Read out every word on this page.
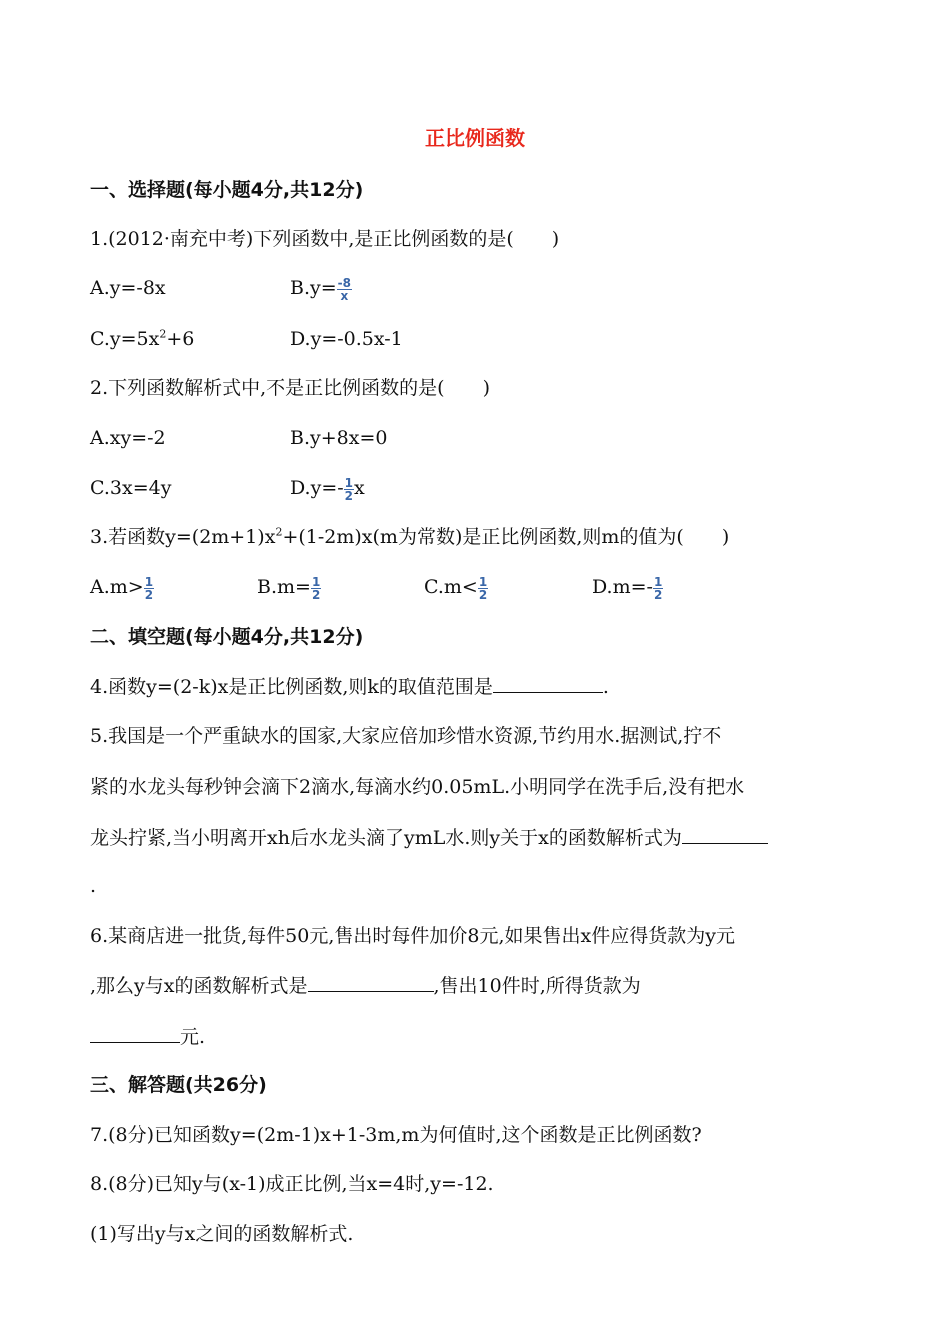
正比例函数
一、选择题(每小题4分,共12分)
1.(2012·南充中考)下列函数中,是正比例函数的是(　　)
A.y=-8x	$B.y= \frac{-8}{x}$
$C.y=5x^2+6$	D.y=-0.5x-1
2.下列函数解析式中,不是正比例函数的是(　　)
A.xy=-2	B.y+8x=0
C.3x=4y	$D.y=- \frac{1}{2}$ x
3.若函数$y=(2m+1)x^2+(1-2m)x(m$为常数)是正比例函数,则m的值为(　　)
$A.m> \frac{1}{2}$	$B.m= \frac{1}{2}$	$C.m< \frac{1}{2}$	$D.m=- \frac{1}{2}$
二、填空题(每小题4分,共12分)
4.函数y=(2-k)x是正比例函数,则k的取值范围是	.
5.我国是一个严重缺水的国家,大家应倍加珍惜水资源,节约用水.据测试,拧不
紧的水龙头每秒钟会滴下2滴水,每滴水约0.05mL.小明同学在洗手后,没有把水
龙头拧紧,当小明离开xh后水龙头滴了ymL水.则y关于x的函数解析式为
.
6.某商店进一批货,每件50元,售出时每件加价8元,如果售出x件应得货款为y元
,那么y与x的函数解析式是	,售出10件时,所得货款为
元.
三、解答题(共26分)
7.(8分)已知函数y=(2m-1)x+1-3m,m为何值时,这个函数是正比例函数?
8.(8分)已知y与(x-1)成正比例,当x=4时,y=-12.
(1)写出y与x之间的函数解析式.
